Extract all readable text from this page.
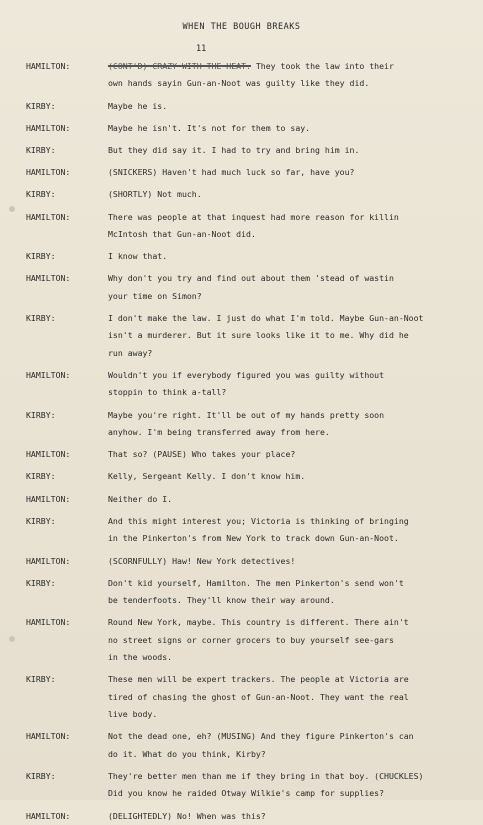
WHEN THE BOUGH BREAKS
11
HAMILTON:	(CONT'D) CRAZY WITH THE HEAT. They took the law into their
own hands sayin Gun-an-Noot was guilty like they did.
KIRBY:	Maybe he is.
HAMILTON:	Maybe he isn't. It's not for them to say.
KIRBY:	But they did say it. I had to try and bring him in.
HAMILTON:	(SNICKERS) Haven't had much luck so far, have you?
KIRBY:	(SHORTLY) Not much.
HAMILTON:	There was people at that inquest had more reason for killin
McIntosh that Gun-an-Noot did.
KIRBY:	I know that.
HAMILTON:	Why don't you try and find out about them 'stead of wastin
your time on Simon?
KIRBY:	I don't make the law. I just do what I'm told. Maybe Gun-an-Noot
isn't a murderer. But it sure looks like it to me. Why did he
run away?
HAMILTON:	Wouldn't you if everybody figured you was guilty without
stoppin to think a-tall?
KIRBY:	Maybe you're right. It'll be out of my hands pretty soon
anyhow. I'm being transferred away from here.
HAMILTON:	That so? (PAUSE) Who takes your place?
KIRBY:	Kelly, Sergeant Kelly. I don't know him.
HAMILTON:	Neither do I.
KIRBY:	And this might interest you; Victoria is thinking of bringing
in the Pinkerton's from New York to track down Gun-an-Noot.
HAMILTON:	(SCORNFULLY) Haw! New York detectives!
KIRBY:	Don't kid yourself, Hamilton. The men Pinkerton's send won't
be tenderfoots. They'll know their way around.
HAMILTON:	Round New York, maybe. This country is different. There ain't
no street signs or corner grocers to buy yourself see-gars
in the woods.
KIRBY:	These men will be expert trackers. The people at Victoria are
tired of chasing the ghost of Gun-an-Noot. They want the real
live body.
HAMILTON:	Not the dead one, eh? (MUSING) And they figure Pinkerton's can
do it. What do you think, Kirby?
KIRBY:	They're better men than me if they bring in that boy. (CHUCKLES)
Did you know he raided Otway Wilkie's camp for supplies?
HAMILTON:	(DELIGHTEDLY) No! When was this?
